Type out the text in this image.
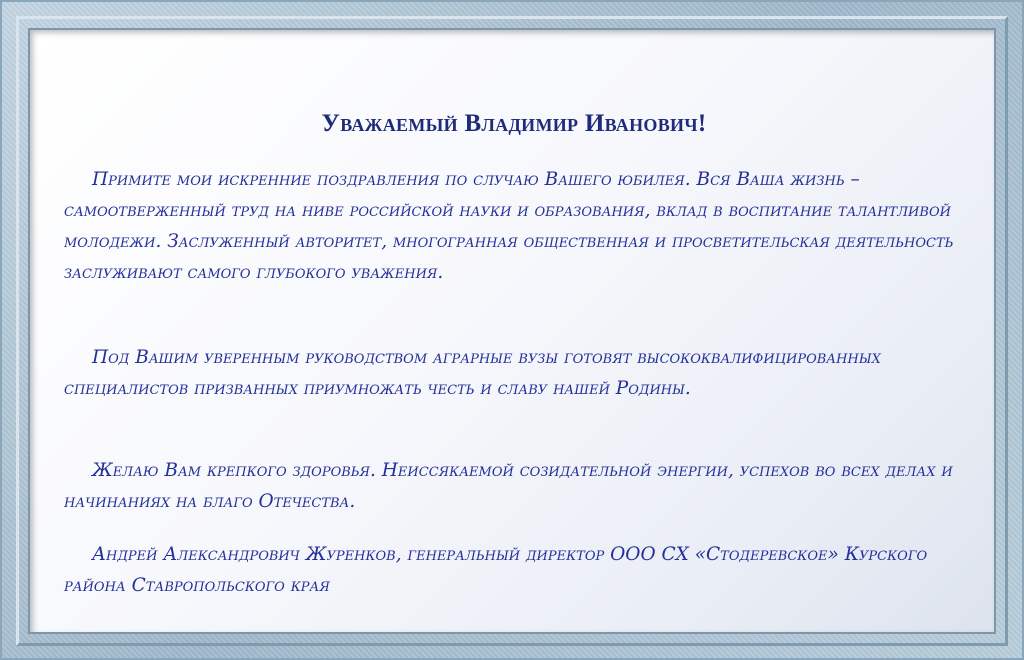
Уважаемый Владимир Иванович!

Примите мои искренние поздравления по случаю Вашего юбилея. Вся Ваша жизнь – самоотверженный труд на ниве российской науки и образования, вклад в воспитание талантливой молодежи. Заслуженный авторитет, многогранная общественная и просветительская деятельность заслуживают самого глубокого уважения.

Под Вашим уверенным руководством аграрные вузы готовят высококвалифицированных специалистов призванных приумножать честь и славу нашей Родины.

Желаю Вам крепкого здоровья. Неиссякаемой созидательной энергии, успехов во всех делах и начинаниях на благо Отечества.

Андрей Александрович Журенков, генеральный директор ООО СХ «Стодеревское» Курского района Ставропольского края
